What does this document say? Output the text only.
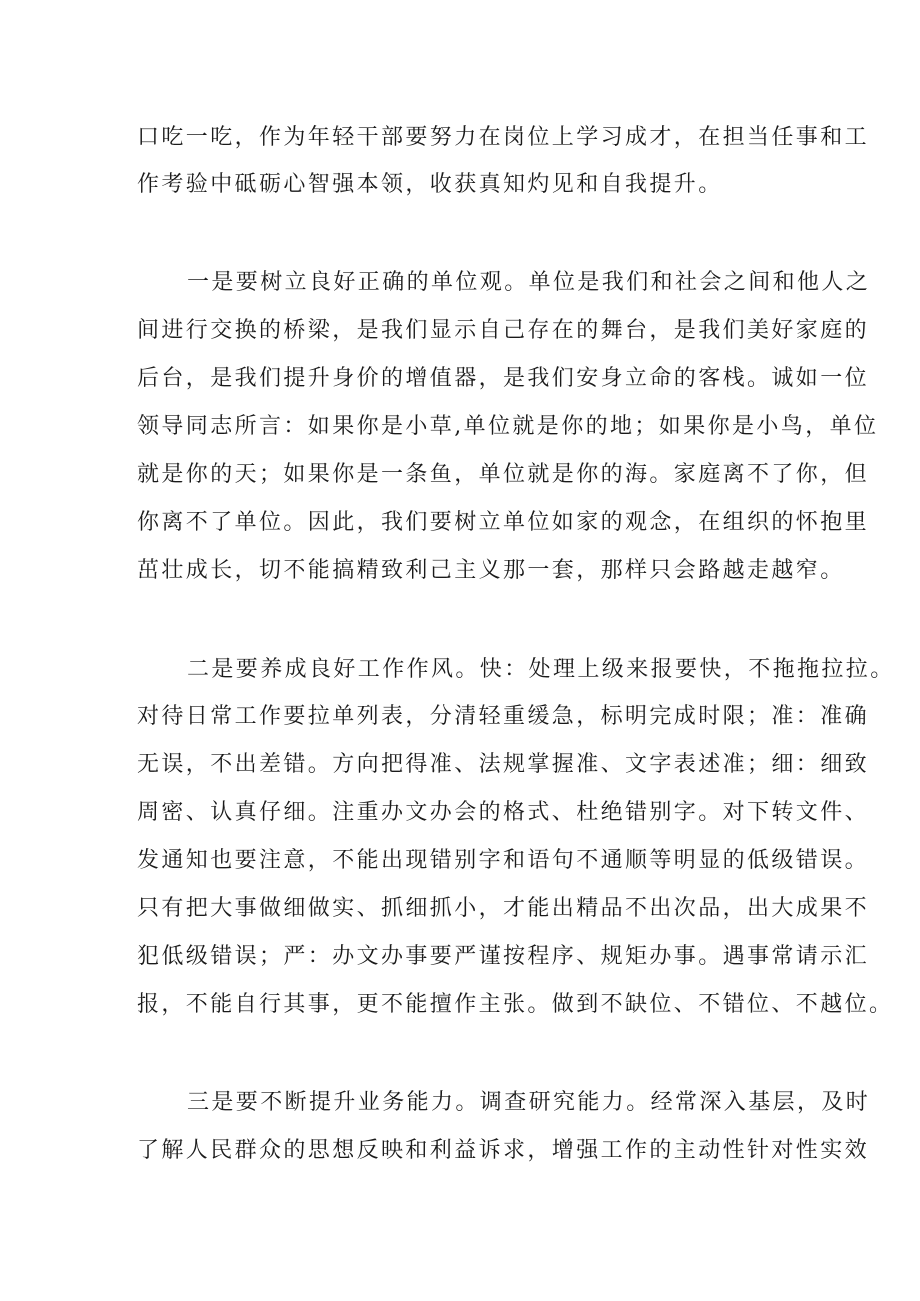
口吃一吃，作为年轻干部要努力在岗位上学习成才，在担当任事和工

作考验中砥砺心智强本领，收获真知灼见和自我提升。

一是要树立良好正确的单位观。单位是我们和社会之间和他人之

间进行交换的桥梁，是我们显示自己存在的舞台，是我们美好家庭的

后台，是我们提升身价的增值器，是我们安身立命的客栈。诚如一位

领导同志所言：如果你是小草,单位就是你的地；如果你是小鸟，单位

就是你的天；如果你是一条鱼，单位就是你的海。家庭离不了你，但

你离不了单位。因此，我们要树立单位如家的观念，在组织的怀抱里

茁壮成长，切不能搞精致利己主义那一套，那样只会路越走越窄。

二是要养成良好工作作风。快：处理上级来报要快，不拖拖拉拉。

对待日常工作要拉单列表，分清轻重缓急，标明完成时限；准：准确

无误，不出差错。方向把得准、法规掌握准、文字表述准；细：细致

周密、认真仔细。注重办文办会的格式、杜绝错别字。对下转文件、

发通知也要注意，不能出现错别字和语句不通顺等明显的低级错误。

只有把大事做细做实、抓细抓小，才能出精品不出次品，出大成果不

犯低级错误；严：办文办事要严谨按程序、规矩办事。遇事常请示汇

报，不能自行其事，更不能擅作主张。做到不缺位、不错位、不越位。

三是要不断提升业务能力。调查研究能力。经常深入基层，及时

了解人民群众的思想反映和利益诉求，增强工作的主动性针对性实效
